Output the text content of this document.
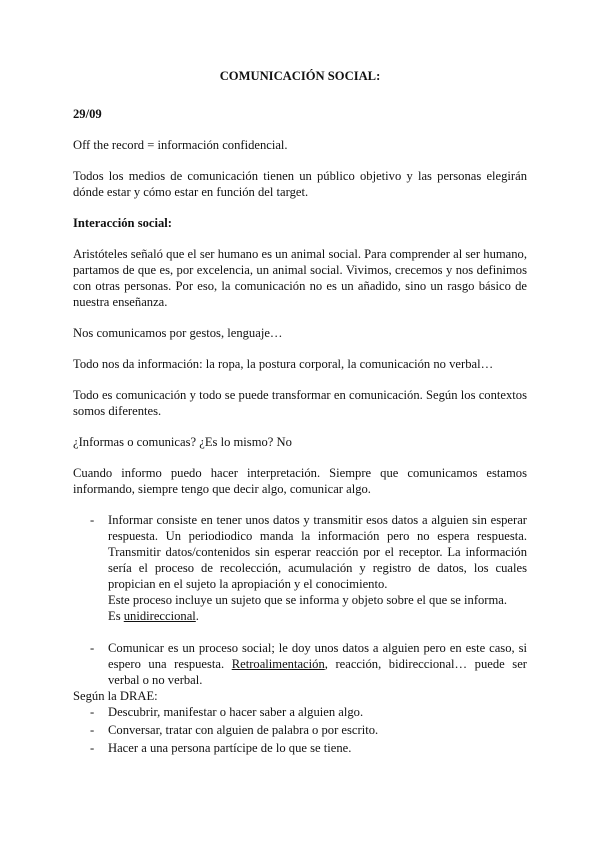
COMUNICACIÓN SOCIAL:

29/09

Off the record = información confidencial.

Todos los medios de comunicación tienen un público objetivo y las personas elegirán dónde estar y cómo estar en función del target.

Interacción social:

Aristóteles señaló que el ser humano es un animal social. Para comprender al ser humano, partamos de que es, por excelencia, un animal social. Vivimos, crecemos y nos definimos con otras personas. Por eso, la comunicación no es un añadido, sino un rasgo básico de nuestra enseñanza.

Nos comunicamos por gestos, lenguaje…

Todo nos da información: la ropa, la postura corporal, la comunicación no verbal…

Todo es comunicación y todo se puede transformar en comunicación. Según los contextos somos diferentes.

¿Informas o comunicas? ¿Es lo mismo? No

Cuando informo puedo hacer interpretación. Siempre que comunicamos estamos informando, siempre tengo que decir algo, comunicar algo.

- Informar consiste en tener unos datos y transmitir esos datos a alguien sin esperar respuesta. Un periodiodico manda la información pero no espera respuesta. Transmitir datos/contenidos sin esperar reacción por el receptor. La información sería el proceso de recolección, acumulación y registro de datos, los cuales propician en el sujeto la apropiación y el conocimiento.
Este proceso incluye un sujeto que se informa y objeto sobre el que se informa.
Es unidireccional.
- Comunicar es un proceso social; le doy unos datos a alguien pero en este caso, si espero una respuesta. Retroalimentación, reacción, bidireccional… puede ser verbal o no verbal.

Según la DRAE:

- Descubrir, manifestar o hacer saber a alguien algo.
- Conversar, tratar con alguien de palabra o por escrito.
- Hacer a una persona partícipe de lo que se tiene.
